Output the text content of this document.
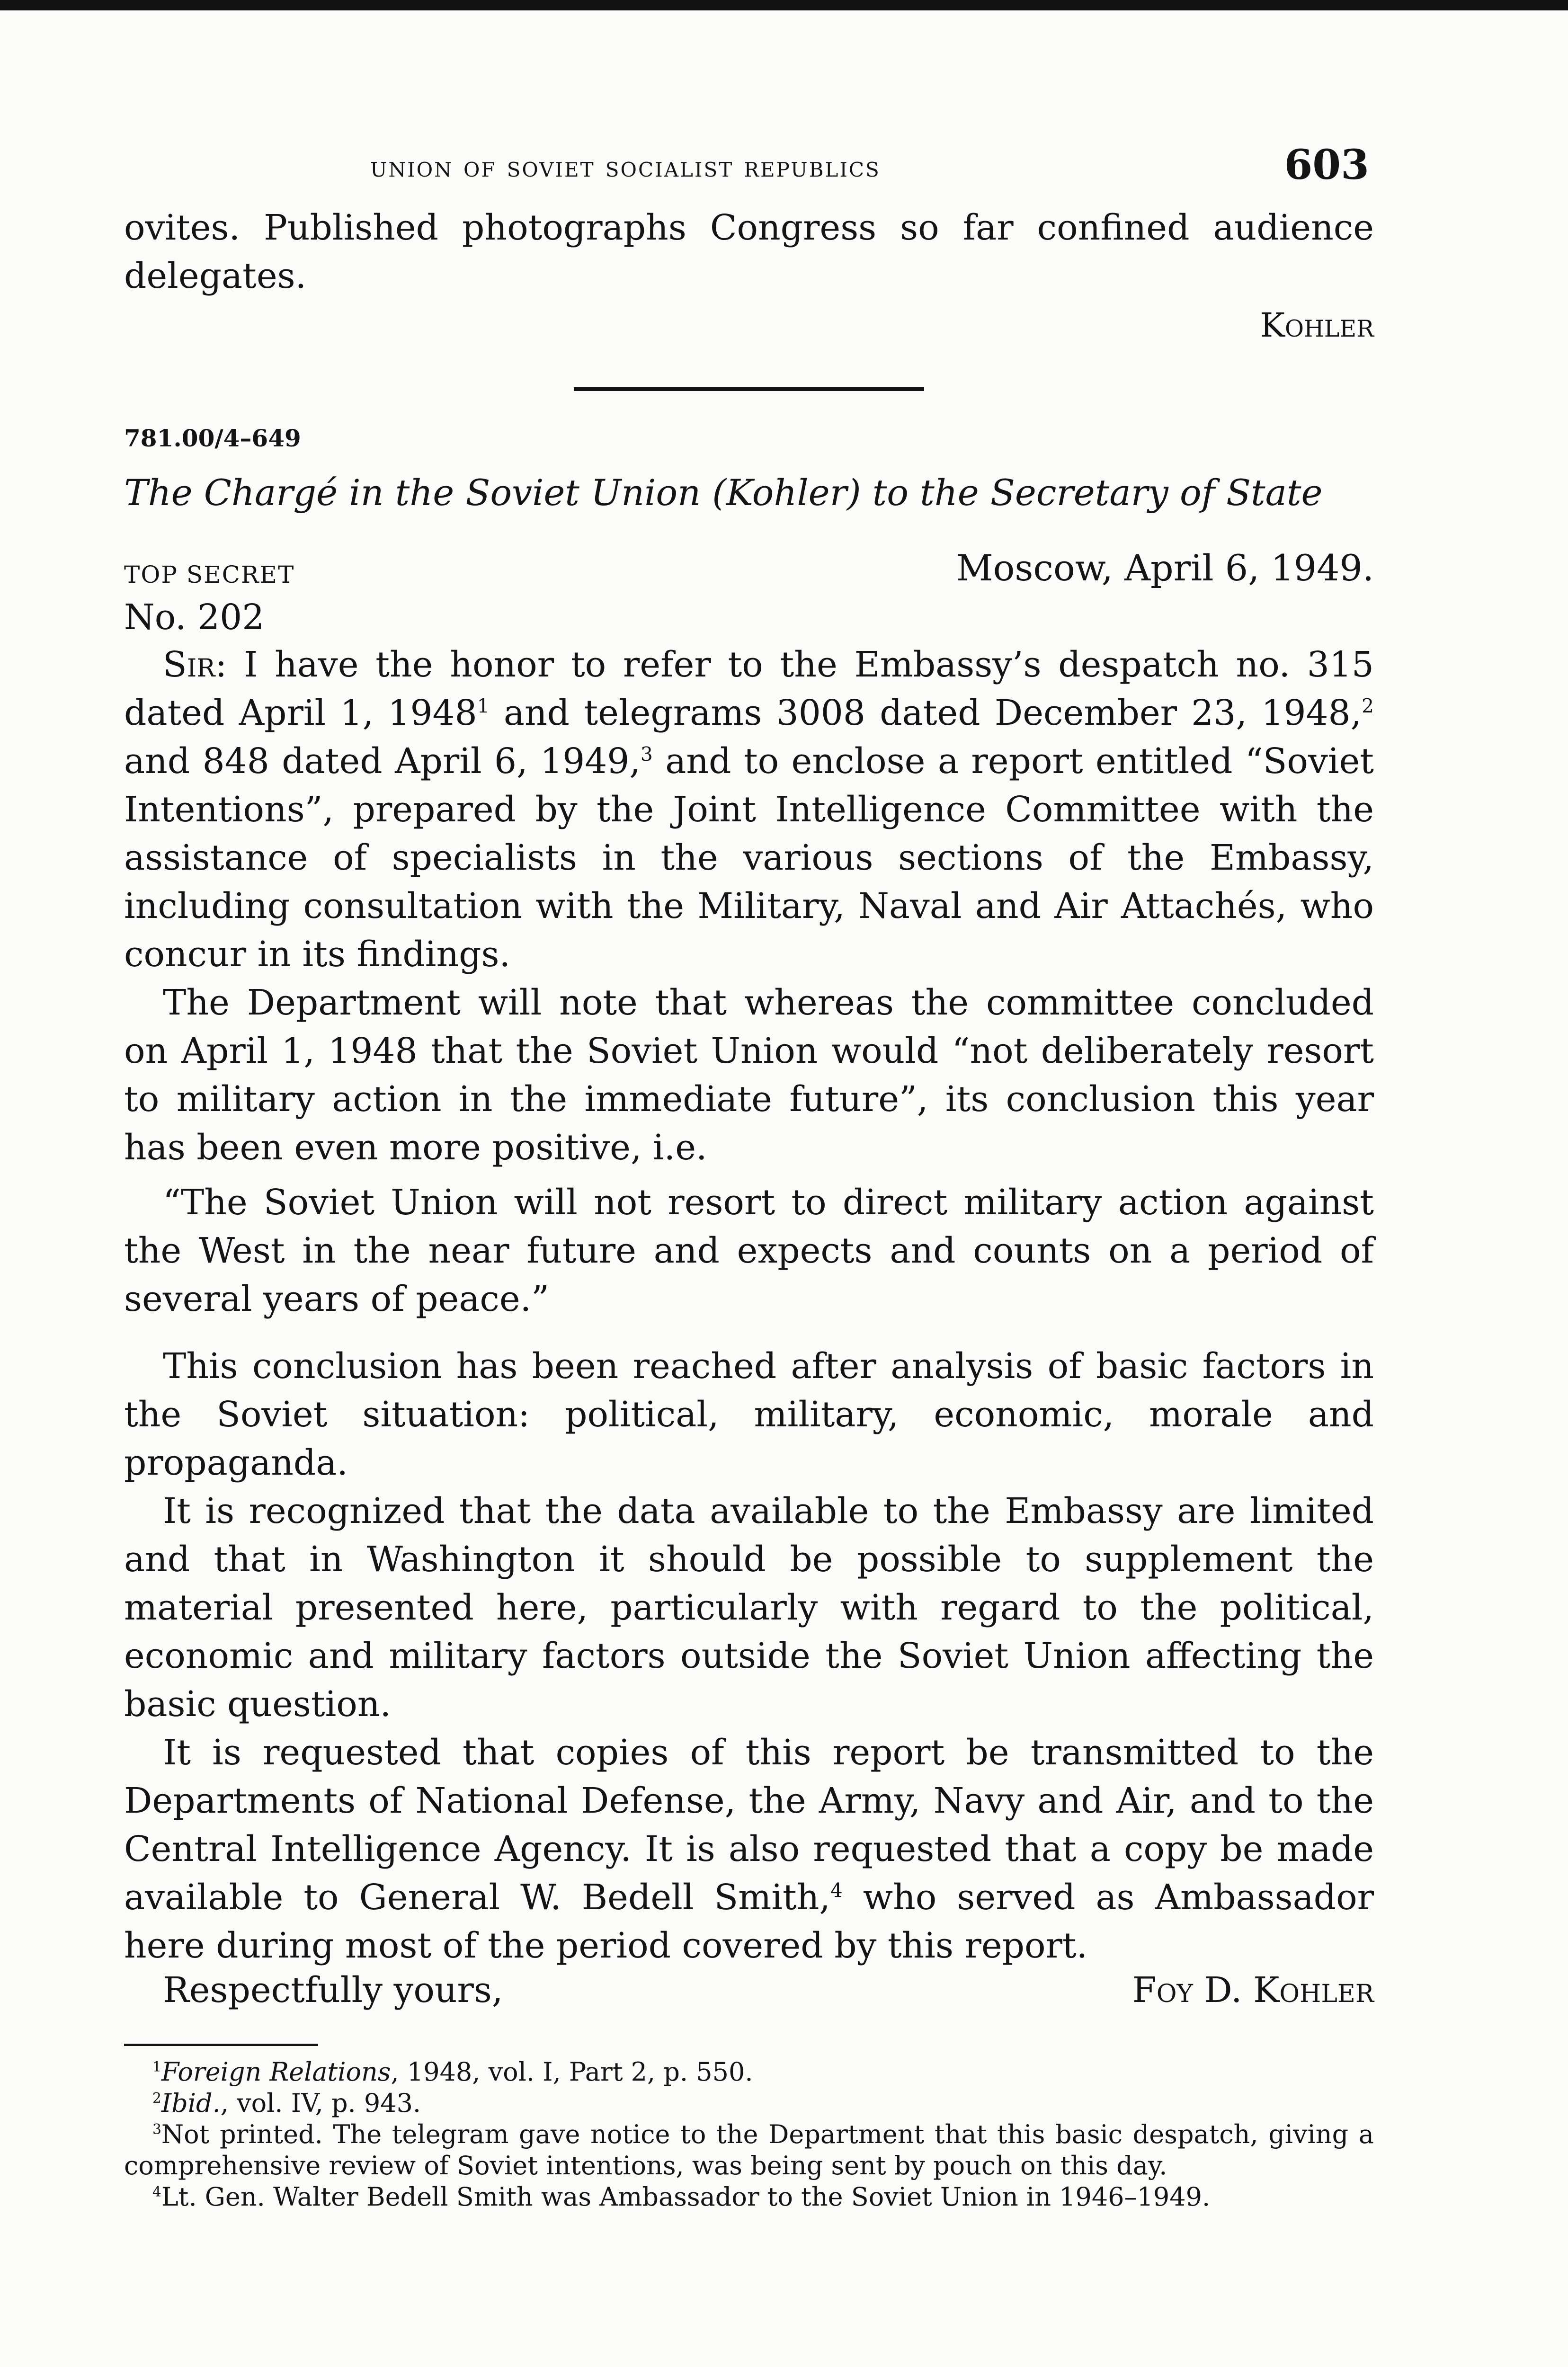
union of soviet socialist republics	603

ovites. Published photographs Congress so far confined audience delegates.

Kohler
781.00/4–649
The Chargé in the Soviet Union (Kohler) to the Secretary of State
TOP SECRET	Moscow, April 6, 1949.
No. 202

Sir: I have the honor to refer to the Embassy’s despatch no. 315 dated April 1, 1948$^1$ and telegrams 3008 dated December 23, 1948,$^2$ and 848 dated April 6, 1949,$^3$ and to enclose a report entitled “Soviet Intentions”, prepared by the Joint Intelligence Committee with the assistance of specialists in the various sections of the Embassy, including consultation with the Military, Naval and Air Attachés, who concur in its findings.

The Department will note that whereas the committee concluded on April 1, 1948 that the Soviet Union would “not deliberately resort to military action in the immediate future”, its conclusion this year has been even more positive, i.e.

“The Soviet Union will not resort to direct military action against the West in the near future and expects and counts on a period of several years of peace.”

This conclusion has been reached after analysis of basic factors in the Soviet situation: political, military, economic, morale and propaganda.

It is recognized that the data available to the Embassy are limited and that in Washington it should be possible to supplement the material presented here, particularly with regard to the political, economic and military factors outside the Soviet Union affecting the basic question.

It is requested that copies of this report be transmitted to the Departments of National Defense, the Army, Navy and Air, and to the Central Intelligence Agency. It is also requested that a copy be made available to General W. Bedell Smith,$^4$ who served as Ambassador here during most of the period covered by this report.

Respectfully yours,	Foy D. Kohler

$^1$Foreign Relations, 1948, vol. I, Part 2, p. 550.

$^2$Ibid., vol. IV, p. 943.

$^3$Not printed. The telegram gave notice to the Department that this basic despatch, giving a comprehensive review of Soviet intentions, was being sent by pouch on this day.

$^4$Lt. Gen. Walter Bedell Smith was Ambassador to the Soviet Union in 1946–1949.
